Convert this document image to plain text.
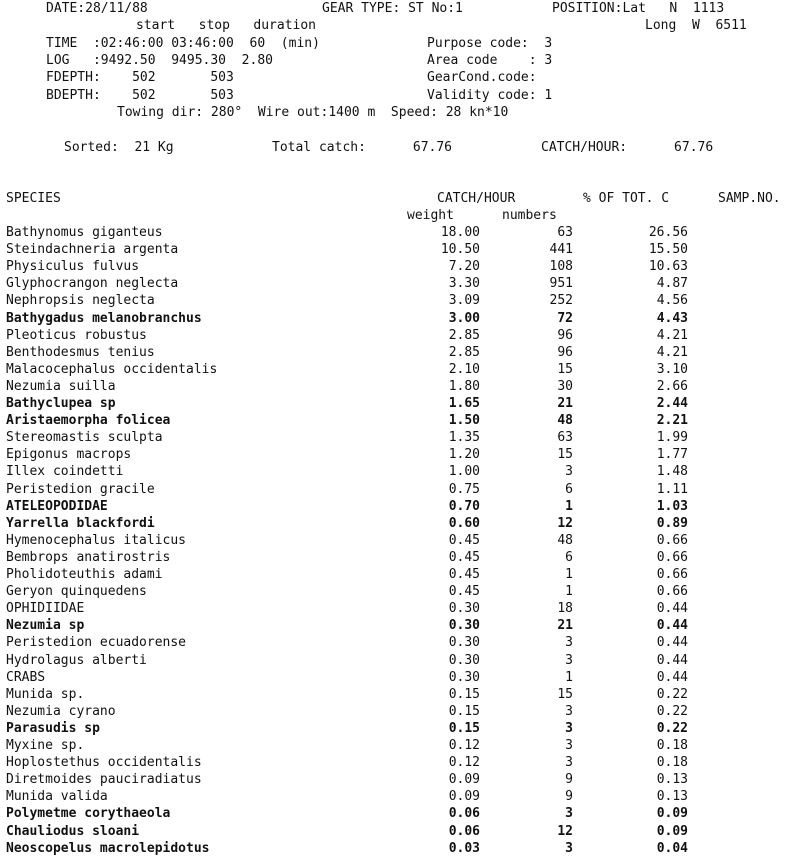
DATE:28/11/88	GEAR TYPE: ST No:1	POSITION:Lat   N  1113
start   stop   duration	Long  W  6511
TIME  :02:46:00 03:46:00  60  (min)	Purpose code:  3
LOG   :9492.50  9495.30  2.80	Area code    : 3
FDEPTH:    502       503	GearCond.code:
BDEPTH:    502       503	Validity code: 1
Towing dir: 280°  Wire out:1400 m  Speed: 28 kn*10
Sorted:  21 Kg	Total catch:      67.76	CATCH/HOUR:      67.76
SPECIES	CATCH/HOUR	% OF TOT. C	SAMP.NO.
weight	numbers
Bathynomus giganteus	18.00	63	26.56
Steindachneria argenta	10.50	441	15.50
Physiculus fulvus	7.20	108	10.63
Glyphocrangon neglecta	3.30	951	4.87
Nephropsis neglecta	3.09	252	4.56
Bathygadus melanobranchus	3.00	72	4.43
Pleoticus robustus	2.85	96	4.21
Benthodesmus tenius	2.85	96	4.21
Malacocephalus occidentalis	2.10	15	3.10
Nezumia suilla	1.80	30	2.66
Bathyclupea sp	1.65	21	2.44
Aristaemorpha folicea	1.50	48	2.21
Stereomastis sculpta	1.35	63	1.99
Epigonus macrops	1.20	15	1.77
Illex coindetti	1.00	3	1.48
Peristedion gracile	0.75	6	1.11
ATELEOPODIDAE	0.70	1	1.03
Yarrella blackfordi	0.60	12	0.89
Hymenocephalus italicus	0.45	48	0.66
Bembrops anatirostris	0.45	6	0.66
Pholidoteuthis adami	0.45	1	0.66
Geryon quinquedens	0.45	1	0.66
OPHIDIIDAE	0.30	18	0.44
Nezumia sp	0.30	21	0.44
Peristedion ecuadorense	0.30	3	0.44
Hydrolagus alberti	0.30	3	0.44
CRABS	0.30	1	0.44
Munida sp.	0.15	15	0.22
Nezumia cyrano	0.15	3	0.22
Parasudis sp	0.15	3	0.22
Myxine sp.	0.12	3	0.18
Hoplostethus occidentalis	0.12	3	0.18
Diretmoides pauciradiatus	0.09	9	0.13
Munida valida	0.09	9	0.13
Polymetme corythaeola	0.06	3	0.09
Chauliodus sloani	0.06	12	0.09
Neoscopelus macrolepidotus	0.03	3	0.04
